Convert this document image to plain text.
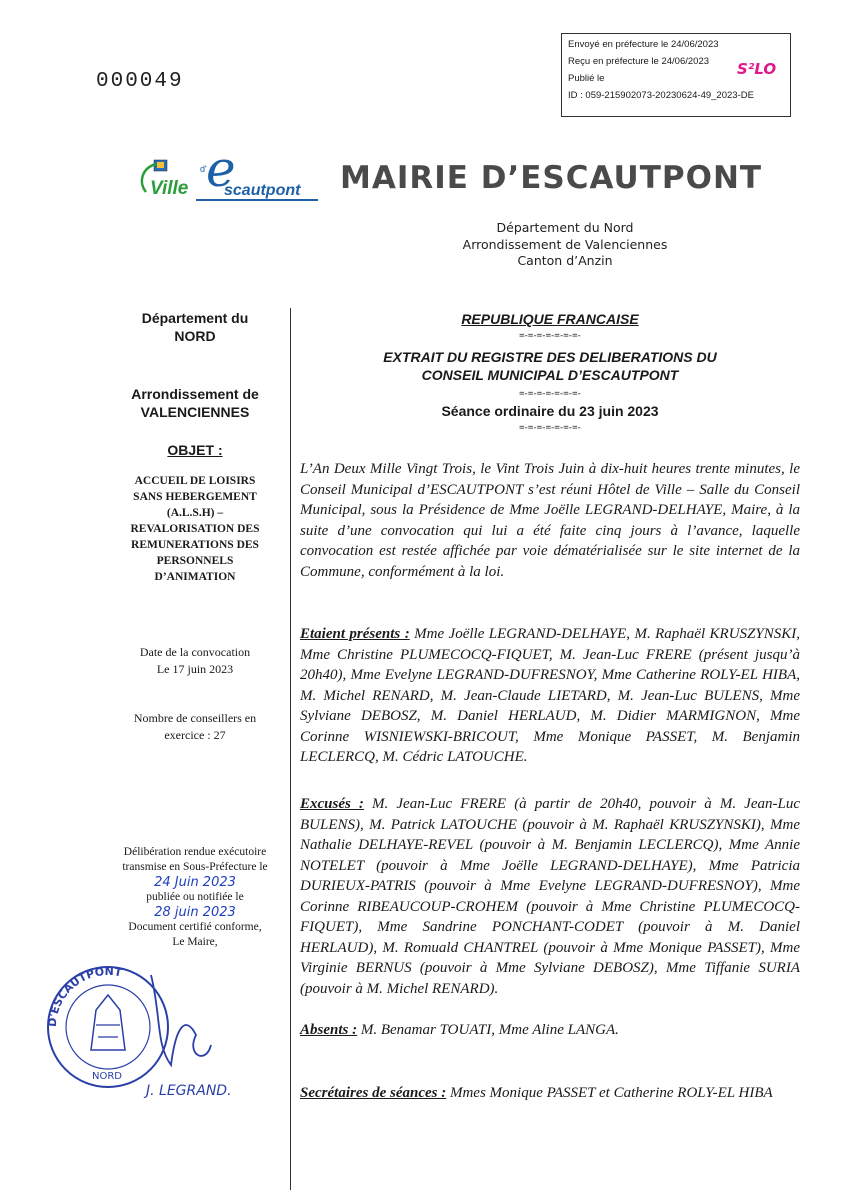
000049
Envoyé en préfecture le 24/06/2023
Reçu en préfecture le 24/06/2023
Publié le
ID : 059-215902073-20230624-49_2023-DE
S²LO
Ville
d' e
scautpont MAIRIE D’ESCAUTPONT
Département du Nord
Arrondissement de Valenciennes
Canton d’Anzin
Département du
NORD
Arrondissement de
VALENCIENNES
OBJET :
ACCUEIL DE LOISIRS
SANS HEBERGEMENT
(A.L.S.H) –
REVALORISATION DES
REMUNERATIONS DES
PERSONNELS
D’ANIMATION
Date de la convocation
Le 17 juin 2023
Nombre de conseillers en
exercice : 27
Délibération rendue exécutoire
transmise en Sous-Préfecture le
24 Juin 2023
publiée ou notifiée le
28 juin 2023
Document certifié conforme,
Le Maire,
D'ESCAUTPONT
NORD
J. LEGRAND.
REPUBLIQUE FRANCAISE
=-=-=-=-=-=-=-
EXTRAIT DU REGISTRE DES DELIBERATIONS DU
CONSEIL MUNICIPAL D’ESCAUTPONT
=-=-=-=-=-=-=-
Séance ordinaire du 23 juin 2023
=-=-=-=-=-=-=-
L’An Deux Mille Vingt Trois, le Vint Trois Juin à dix-huit heures trente minutes, le Conseil Municipal d’ESCAUTPONT s’est réuni Hôtel de Ville – Salle du Conseil Municipal, sous la Présidence de Mme Joëlle LEGRAND-DELHAYE, Maire, à la suite d’une convocation qui lui a été faite cinq jours à l’avance, laquelle convocation est restée affichée par voie dématérialisée sur le site internet de la Commune, conformément à la loi.
Etaient présents : Mme Joëlle LEGRAND-DELHAYE, M. Raphaël KRUSZYNSKI, Mme Christine PLUMECOCQ-FIQUET, M. Jean-Luc FRERE (présent jusqu’à 20h40), Mme Evelyne LEGRAND-DUFRESNOY, Mme Catherine ROLY-EL HIBA, M. Michel RENARD, M. Jean-Claude LIETARD, M. Jean-Luc BULENS, Mme Sylviane DEBOSZ, M. Daniel HERLAUD, M. Didier MARMIGNON, Mme Corinne WISNIEWSKI-BRICOUT, Mme Monique PASSET, M. Benjamin LECLERCQ, M. Cédric LATOUCHE.
Excusés : M. Jean-Luc FRERE (à partir de 20h40, pouvoir à M. Jean-Luc BULENS), M. Patrick LATOUCHE (pouvoir à M. Raphaël KRUSZYNSKI), Mme Nathalie DELHAYE-REVEL (pouvoir à M. Benjamin LECLERCQ), Mme Annie NOTELET (pouvoir à Mme Joëlle LEGRAND-DELHAYE), Mme Patricia DURIEUX-PATRIS (pouvoir à Mme Evelyne LEGRAND-DUFRESNOY), Mme Corinne RIBEAUCOUP-CROHEM (pouvoir à Mme Christine PLUMECOCQ-FIQUET), Mme Sandrine PONCHANT-CODET (pouvoir à M. Daniel HERLAUD), M. Romuald CHANTREL (pouvoir à Mme Monique PASSET), Mme Virginie BERNUS (pouvoir à Mme Sylviane DEBOSZ), Mme Tiffanie SURIA (pouvoir à M. Michel RENARD).
Absents : M. Benamar TOUATI, Mme Aline LANGA.
Secrétaires de séances : Mmes Monique PASSET et Catherine ROLY-EL HIBA
